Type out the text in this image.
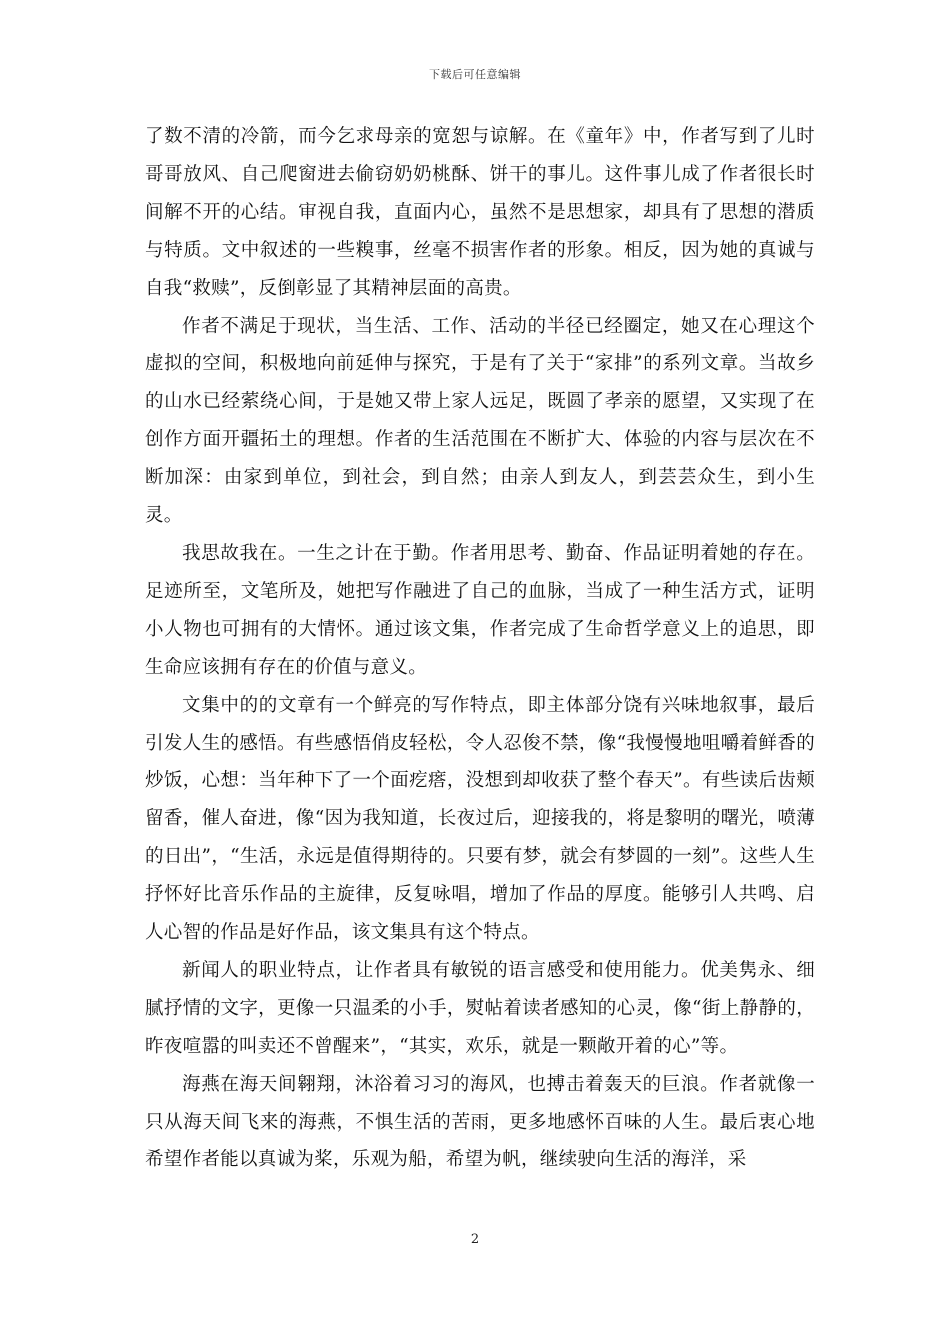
下载后可任意编辑

了数不清的冷箭，而今乞求母亲的宽恕与谅解。在《童年》中，作者写到了儿时哥哥放风、自己爬窗进去偷窃奶奶桃酥、饼干的事儿。这件事儿成了作者很长时间解不开的心结。审视自我，直面内心，虽然不是思想家，却具有了思想的潜质与特质。文中叙述的一些糗事，丝毫不损害作者的形象。相反，因为她的真诚与自我“救赎”，反倒彰显了其精神层面的高贵。

作者不满足于现状，当生活、工作、活动的半径已经圈定，她又在心理这个虚拟的空间，积极地向前延伸与探究，于是有了关于“家排”的系列文章。当故乡的山水已经萦绕心间，于是她又带上家人远足，既圆了孝亲的愿望，又实现了在创作方面开疆拓土的理想。作者的生活范围在不断扩大、体验的内容与层次在不断加深：由家到单位，到社会，到自然；由亲人到友人，到芸芸众生，到小生灵。

我思故我在。一生之计在于勤。作者用思考、勤奋、作品证明着她的存在。足迹所至，文笔所及，她把写作融进了自己的血脉，当成了一种生活方式，证明小人物也可拥有的大情怀。通过该文集，作者完成了生命哲学意义上的追思，即生命应该拥有存在的价值与意义。

文集中的的文章有一个鲜亮的写作特点，即主体部分饶有兴味地叙事，最后引发人生的感悟。有些感悟俏皮轻松，令人忍俊不禁，像“我慢慢地咀嚼着鲜香的炒饭，心想：当年种下了一个面疙瘩，没想到却收获了整个春天”。有些读后齿颊留香，催人奋进，像“因为我知道，长夜过后，迎接我的，将是黎明的曙光，喷薄的日出”，“生活，永远是值得期待的。只要有梦，就会有梦圆的一刻”。这些人生抒怀好比音乐作品的主旋律，反复咏唱，增加了作品的厚度。能够引人共鸣、启人心智的作品是好作品，该文集具有这个特点。

新闻人的职业特点，让作者具有敏锐的语言感受和使用能力。优美隽永、细腻抒情的文字，更像一只温柔的小手，熨帖着读者感知的心灵，像“街上静静的，昨夜喧嚣的叫卖还不曾醒来”，“其实，欢乐，就是一颗敞开着的心”等。

海燕在海天间翱翔，沐浴着习习的海风，也搏击着轰天的巨浪。作者就像一只从海天间飞来的海燕，不惧生活的苦雨，更多地感怀百味的人生。最后衷心地希望作者能以真诚为桨，乐观为船，希望为帆，继续驶向生活的海洋，采

2
